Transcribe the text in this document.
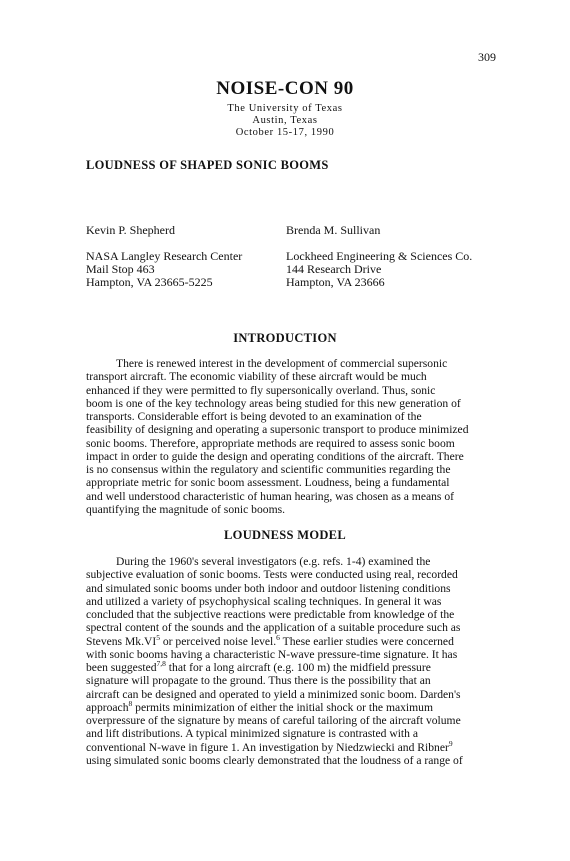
309
NOISE-CON 90
The University of Texas
Austin, Texas
October 15-17, 1990
LOUDNESS OF SHAPED SONIC BOOMS
Kevin P. Shepherd
NASA Langley Research Center
Mail Stop 463
Hampton, VA 23665-5225
Brenda M. Sullivan
Lockheed Engineering & Sciences Co.
144 Research Drive
Hampton, VA 23666
INTRODUCTION
There is renewed interest in the development of commercial supersonic
transport aircraft. The economic viability of these aircraft would be much
enhanced if they were permitted to fly supersonically overland. Thus, sonic
boom is one of the key technology areas being studied for this new generation of
transports. Considerable effort is being devoted to an examination of the
feasibility of designing and operating a supersonic transport to produce minimized
sonic booms. Therefore, appropriate methods are required to assess sonic boom
impact in order to guide the design and operating conditions of the aircraft. There
is no consensus within the regulatory and scientific communities regarding the
appropriate metric for sonic boom assessment. Loudness, being a fundamental
and well understood characteristic of human hearing, was chosen as a means of
quantifying the magnitude of sonic booms.
LOUDNESS MODEL
During the 1960's several investigators (e.g. refs. 1-4) examined the
subjective evaluation of sonic booms. Tests were conducted using real, recorded
and simulated sonic booms under both indoor and outdoor listening conditions
and utilized a variety of psychophysical scaling techniques. In general it was
concluded that the subjective reactions were predictable from knowledge of the
spectral content of the sounds and the application of a suitable procedure such as
Stevens $Mk.VI^5$ or perceived noise level.$^6$ These earlier studies were concerned
with sonic booms having a characteristic N-wave pressure-time signature. It has
been suggested$^{7,8}$ that for a long aircraft (e.g. 100 m) the midfield pressure
signature will propagate to the ground. Thus there is the possibility that an
aircraft can be designed and operated to yield a minimized sonic boom. Darden's
approach$^8$ permits minimization of either the initial shock or the maximum
overpressure of the signature by means of careful tailoring of the aircraft volume
and lift distributions. A typical minimized signature is contrasted with a
conventional N-wave in figure 1. An investigation by Niedzwiecki and Ribner$^9$
using simulated sonic booms clearly demonstrated that the loudness of a range of
